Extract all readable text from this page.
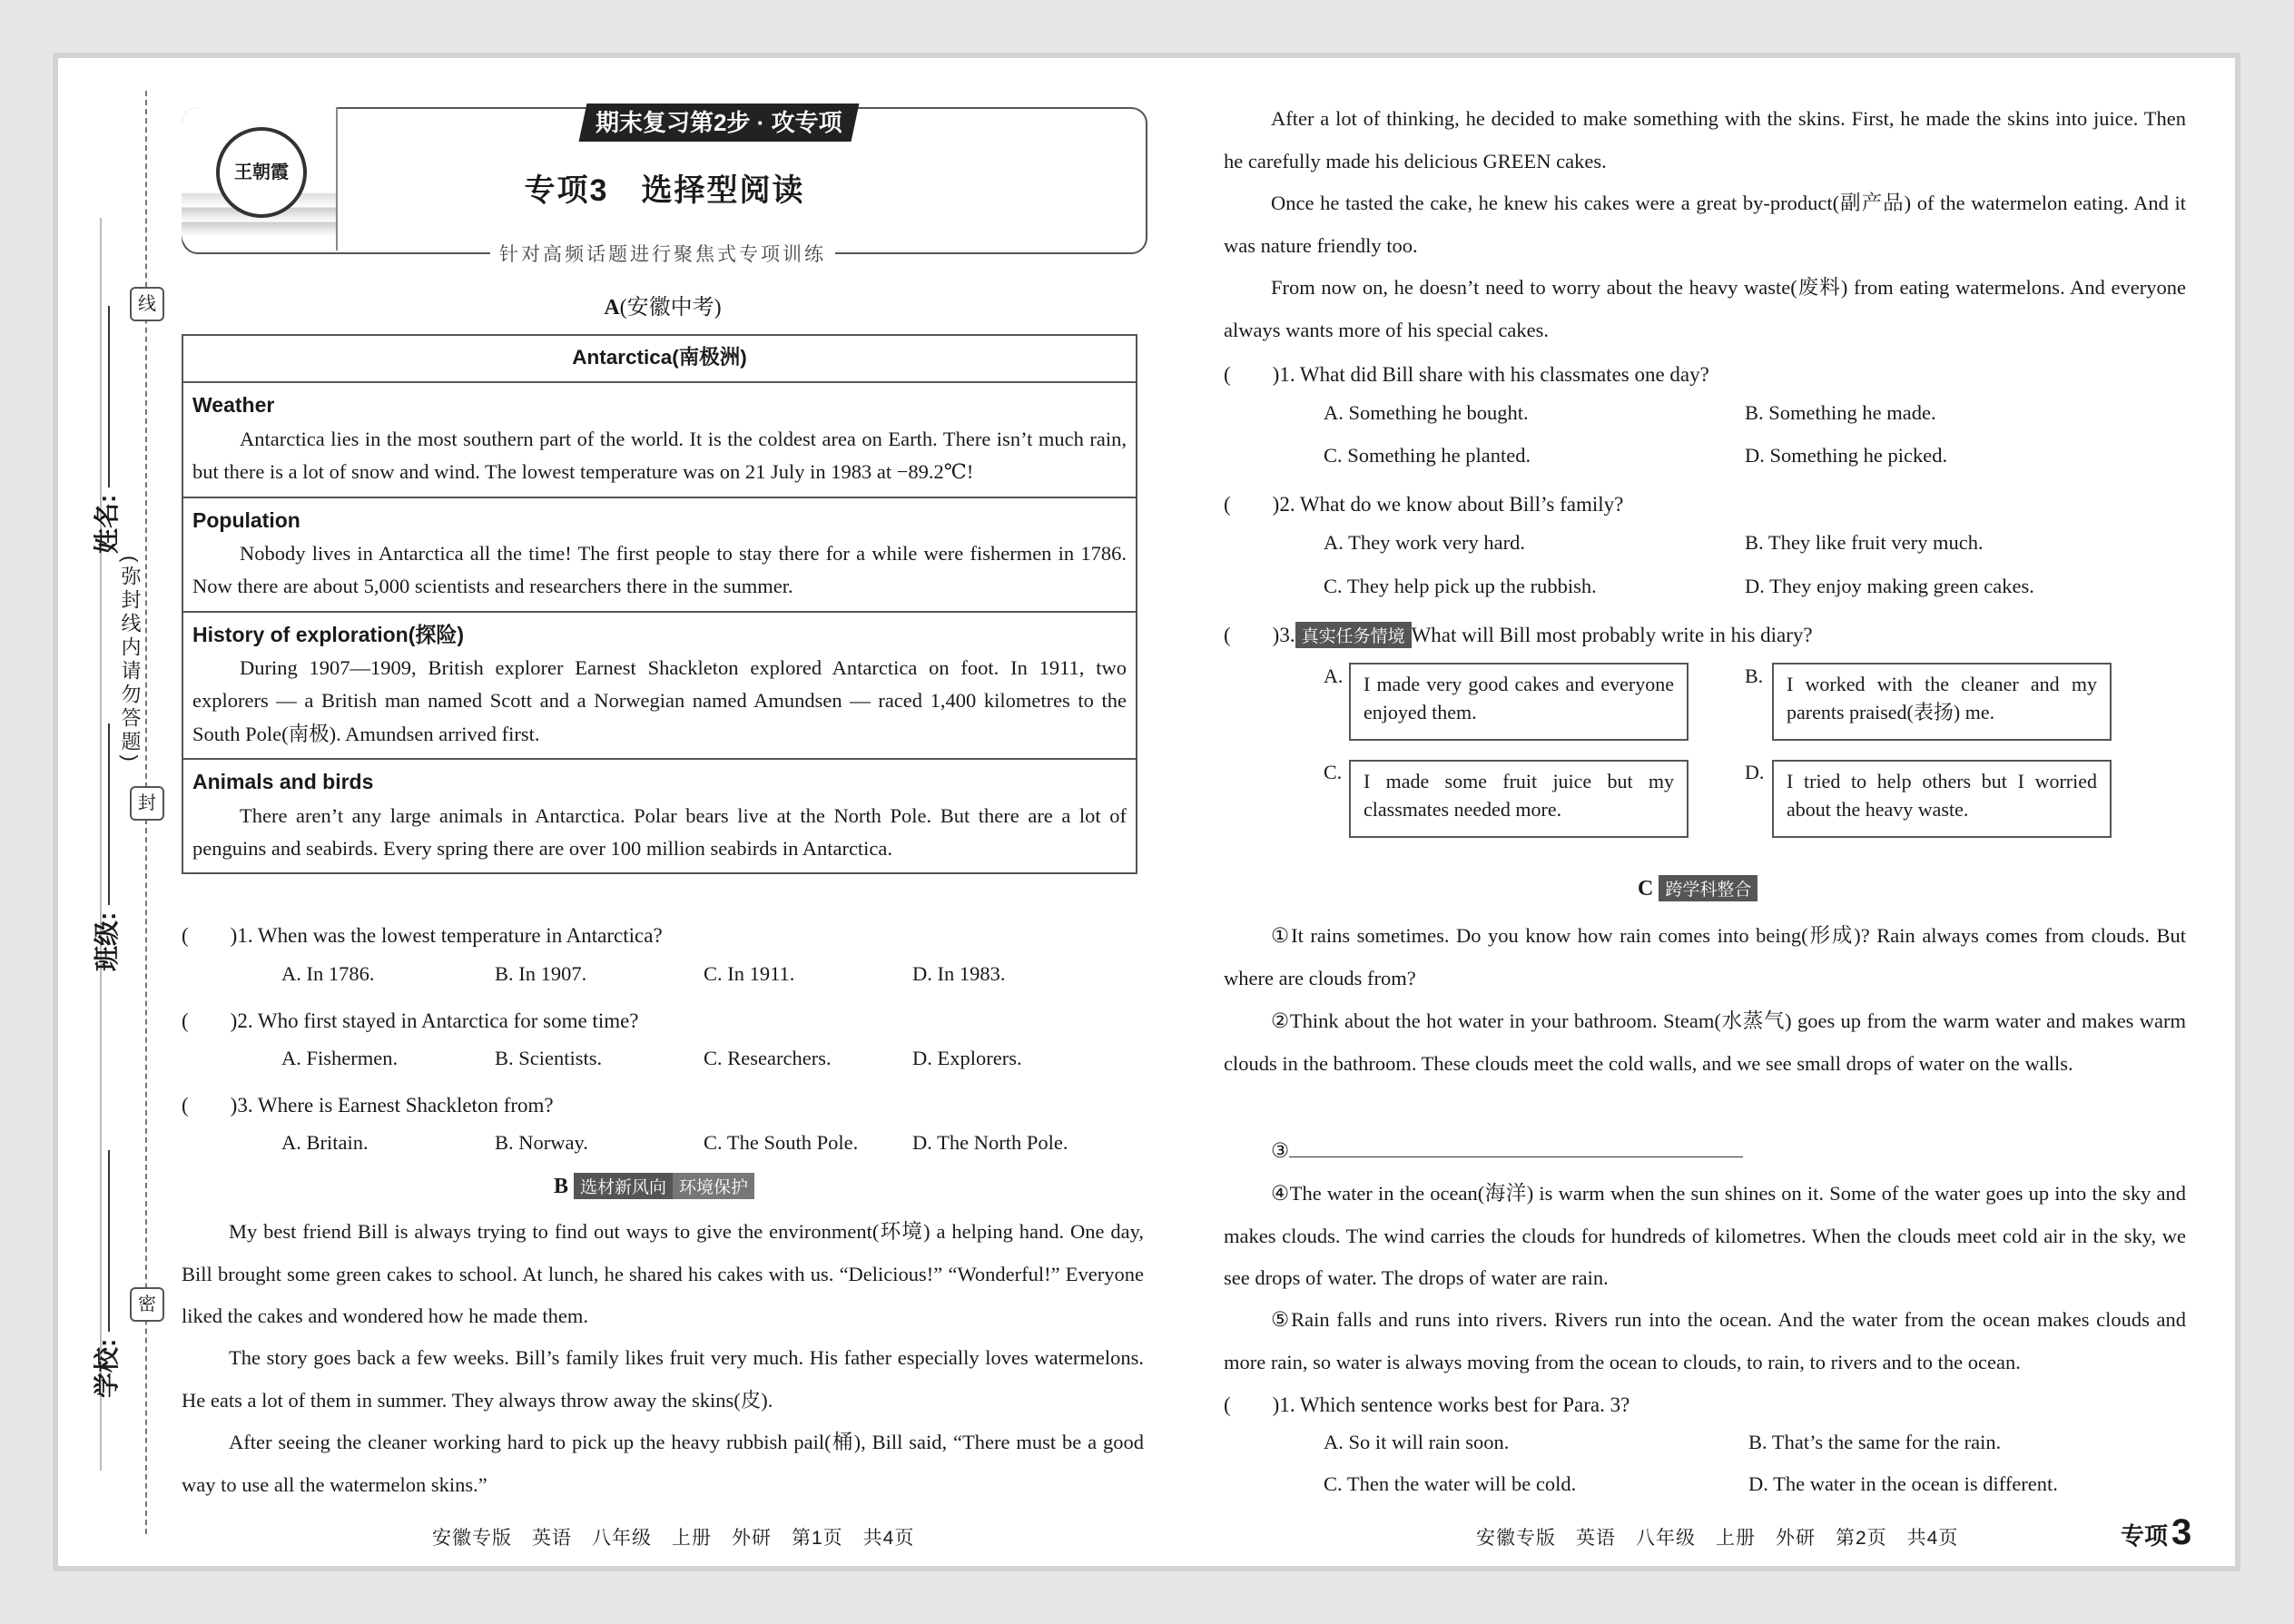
线
封
密
(弥封线内请勿答题)
姓名:
班级:
学校:
王朝霞
期末复习第2步 · 攻专项
专项3　选择型阅读
针对高频话题进行聚焦式专项训练
A(安徽中考)
Antarctica(南极洲)

Weather
Antarctica lies in the most southern part of the world. It is the coldest area on Earth. There isn’t much rain, but there is a lot of snow and wind. The lowest temperature was on 21 July in 1983 at −89.2℃!

Population
Nobody lives in Antarctica all the time! The first people to stay there for a while were fishermen in 1786. Now there are about 5,000 scientists and researchers there in the summer.

History of exploration(探险)
During 1907—1909, British explorer Earnest Shackleton explored Antarctica on foot. In 1911, two explorers — a British man named Scott and a Norwegian named Amundsen — raced 1,400 kilometres to the South Pole(南极). Amundsen arrived first.

Animals and birds
There aren’t any large animals in Antarctica. Polar bears live at the North Pole. But there are a lot of penguins and seabirds. Every spring there are over 100 million seabirds in Antarctica.
(　　)1. When was the lowest temperature in Antarctica?
A. In 1786.	B. In 1907.	C. In 1911.	D. In 1983.
(　　)2. Who first stayed in Antarctica for some time?
A. Fishermen.	B. Scientists.	C. Researchers.	D. Explorers.
(　　)3. Where is Earnest Shackleton from?
A. Britain.	B. Norway.	C. The South Pole.	D. The North Pole.
B 选材新风向 环境保护
My best friend Bill is always trying to find out ways to give the environment(环境) a helping hand. One day, Bill brought some green cakes to school. At lunch, he shared his cakes with us. “Delicious!” “Wonderful!” Everyone liked the cakes and wondered how he made them.
The story goes back a few weeks. Bill’s family likes fruit very much. His father especially loves watermelons. He eats a lot of them in summer. They always throw away the skins(皮).
After seeing the cleaner working hard to pick up the heavy rubbish pail(桶), Bill said, “There must be a good way to use all the watermelon skins.”
After a lot of thinking, he decided to make something with the skins. First, he made the skins into juice. Then he carefully made his delicious GREEN cakes.
Once he tasted the cake, he knew his cakes were a great by-product(副产品) of the watermelon eating. And it was nature friendly too.
From now on, he doesn’t need to worry about the heavy waste(废料) from eating watermelons. And everyone always wants more of his special cakes.
(　　)1. What did Bill share with his classmates one day?
A. Something he bought.	B. Something he made.
C. Something he planted.	D. Something he picked.
(　　)2. What do we know about Bill’s family?
A. They work very hard.	B. They like fruit very much.
C. They help pick up the rubbish.	D. They enjoy making green cakes.
(　　)3. 真实任务情境 What will Bill most probably write in his diary?
A.	I made very good cakes and everyone enjoyed them.
B.	I worked with the cleaner and my parents praised(表扬) me.
C.	I made some fruit juice but my classmates needed more.
D.	I tried to help others but I worried about the heavy waste.
C 跨学科整合
①It rains sometimes. Do you know how rain comes into being(形成)? Rain always comes from clouds. But where are clouds from?
②Think about the hot water in your bathroom. Steam(水蒸气) goes up from the warm water and makes warm clouds in the bathroom. These clouds meet the cold walls, and we see small drops of water on the walls.
③
④The water in the ocean(海洋) is warm when the sun shines on it. Some of the water goes up into the sky and makes clouds. The wind carries the clouds for hundreds of kilometres. When the clouds meet cold air in the sky, we see drops of water. The drops of water are rain.
⑤Rain falls and runs into rivers. Rivers run into the ocean. And the water from the ocean makes clouds and more rain, so water is always moving from the ocean to clouds, to rain, to rivers and to the ocean.
(　　)1. Which sentence works best for Para. 3?
A. So it will rain soon.	B. That’s the same for the rain.
C. Then the water will be cold.	D. The water in the ocean is different.
安徽专版　英语　八年级　上册　外研　第1页　共4页	安徽专版　英语　八年级　上册　外研　第2页　共4页	专项 3
